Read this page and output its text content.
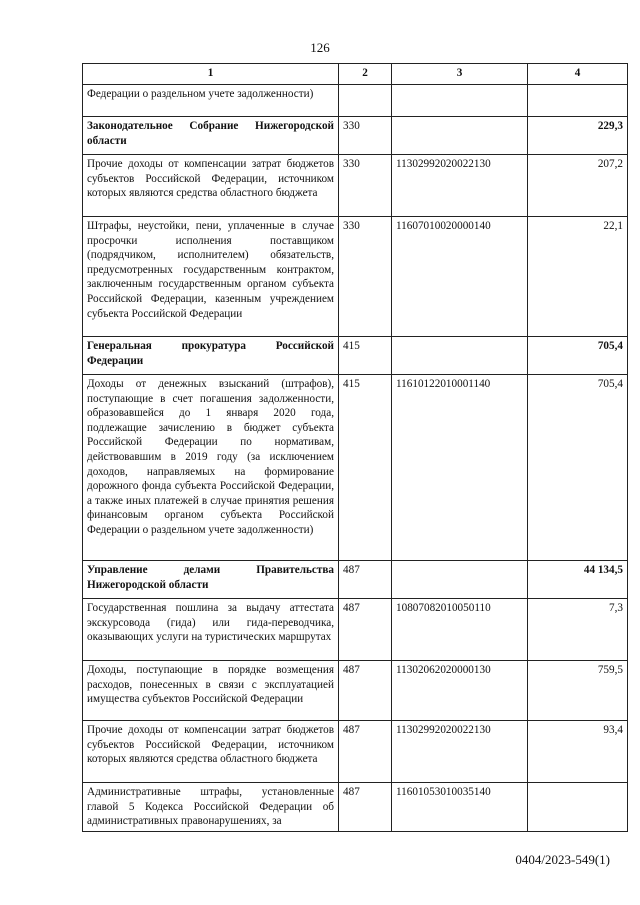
126
1	2	3	4
Федерации о раздельном учете задолженности)			
Законодательное Собрание Нижегородской области	330		229,3
Прочие доходы от компенсации затрат бюджетов субъектов Российской Федерации, источником которых являются средства областного бюджета	330	11302992020022130	207,2
Штрафы, неустойки, пени, уплаченные в случае просрочки исполнения поставщиком (подрядчиком, исполнителем) обязательств, предусмотренных государственным контрактом, заключенным государственным органом субъекта Российской Федерации, казенным учреждением субъекта Российской Федерации	330	11607010020000140	22,1
Генеральная прокуратура Российской Федерации	415		705,4
Доходы от денежных взысканий (штрафов), поступающие в счет погашения задолженности, образовавшейся до 1 января 2020 года, подлежащие зачислению в бюджет субъекта Российской Федерации по нормативам, действовавшим в 2019 году (за исключением доходов, направляемых на формирование дорожного фонда субъекта Российской Федерации, а также иных платежей в случае принятия решения финансовым органом субъекта Российской Федерации о раздельном учете задолженности)	415	11610122010001140	705,4
Управление делами Правительства Нижегородской области	487		44 134,5
Государственная пошлина за выдачу аттестата экскурсовода (гида) или гида-переводчика, оказывающих услуги на туристических маршрутах	487	10807082010050110	7,3
Доходы, поступающие в порядке возмещения расходов, понесенных в связи с эксплуатацией имущества субъектов Российской Федерации	487	11302062020000130	759,5
Прочие доходы от компенсации затрат бюджетов субъектов Российской Федерации, источником которых являются средства областного бюджета	487	11302992020022130	93,4
Административные штрафы, установленные главой 5 Кодекса Российской Федерации об административных правонарушениях, за	487	11601053010035140	
0404/2023-549(1)
